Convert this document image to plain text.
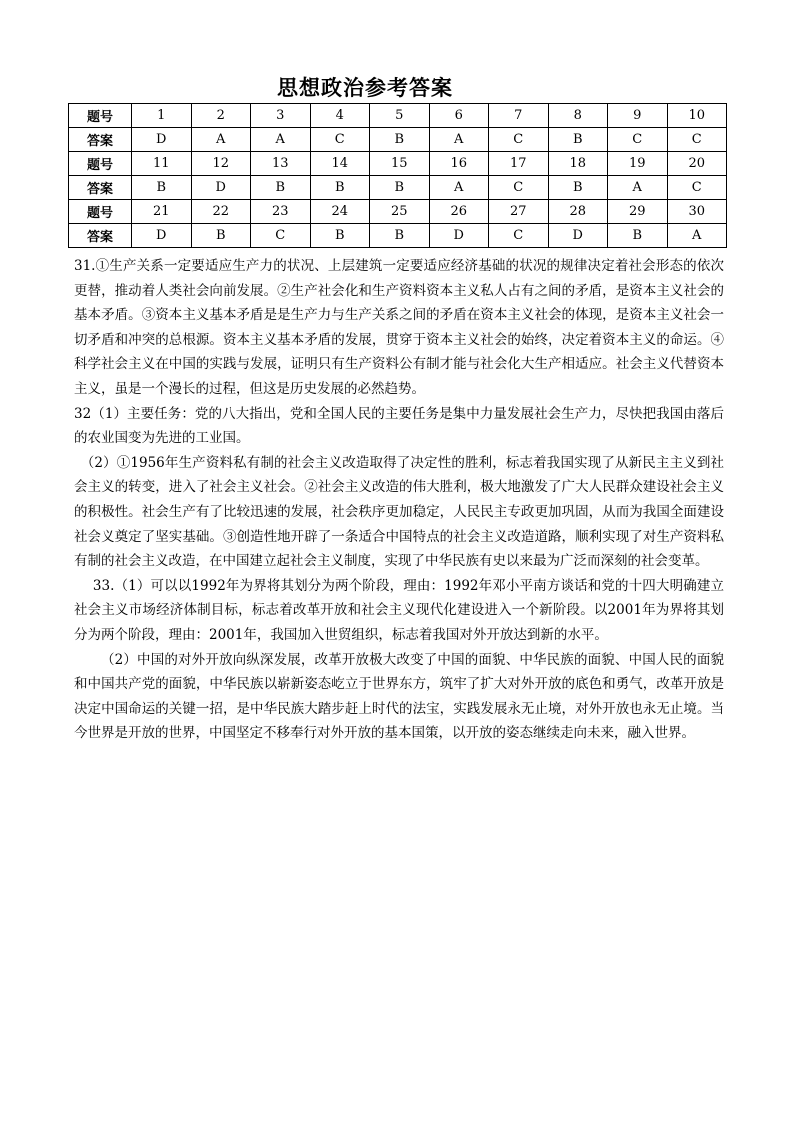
思想政治参考答案
题号	1	2	3	4	5	6	7	8	9	10
答案	D	A	A	C	B	A	C	B	C	C
题号	11	12	13	14	15	16	17	18	19	20
答案	B	D	B	B	B	A	C	B	A	C
题号	21	22	23	24	25	26	27	28	29	30
答案	D	B	C	B	B	D	C	D	B	A

31.①生产关系一定要适应生产力的状况、上层建筑一定要适应经济基础的状况的规律决定着社会形态的依次更替，推动着人类社会向前发展。②生产社会化和生产资料资本主义私人占有之间的矛盾，是资本主义社会的基本矛盾。③资本主义基本矛盾是是生产力与生产关系之间的矛盾在资本主义社会的体现，是资本主义社会一切矛盾和冲突的总根源。资本主义基本矛盾的发展，贯穿于资本主义社会的始终，决定着资本主义的命运。④科学社会主义在中国的实践与发展，证明只有生产资料公有制才能与社会化大生产相适应。社会主义代替资本主义，虽是一个漫长的过程，但这是历史发展的必然趋势。

32（1）主要任务：党的八大指出，党和全国人民的主要任务是集中力量发展社会生产力，尽快把我国由落后的农业国变为先进的工业国。

（2）①1956年生产资料私有制的社会主义改造取得了决定性的胜利，标志着我国实现了从新民主主义到社会主义的转变，进入了社会主义社会。②社会主义改造的伟大胜利，极大地激发了广大人民群众建设社会主义的积极性。社会生产有了比较迅速的发展，社会秩序更加稳定，人民民主专政更加巩固，从而为我国全面建设社会义奠定了坚实基础。③创造性地开辟了一条适合中国特点的社会主义改造道路，顺利实现了对生产资料私有制的社会主义改造，在中国建立起社会主义制度，实现了中华民族有史以来最为广泛而深刻的社会变革。

33.（1）可以以1992年为界将其划分为两个阶段，理由：1992年邓小平南方谈话和党的十四大明确建立社会主义市场经济体制目标，标志着改革开放和社会主义现代化建设进入一个新阶段。以2001年为界将其划分为两个阶段，理由：2001年，我国加入世贸组织，标志着我国对外开放达到新的水平。

（2）中国的对外开放向纵深发展，改革开放极大改变了中国的面貌、中华民族的面貌、中国人民的面貌和中国共产党的面貌，中华民族以崭新姿态屹立于世界东方，筑牢了扩大对外开放的底色和勇气，改革开放是决定中国命运的关键一招，是中华民族大踏步赶上时代的法宝，实践发展永无止境，对外开放也永无止境。当今世界是开放的世界，中国坚定不移奉行对外开放的基本国策，以开放的姿态继续走向未来，融入世界。
